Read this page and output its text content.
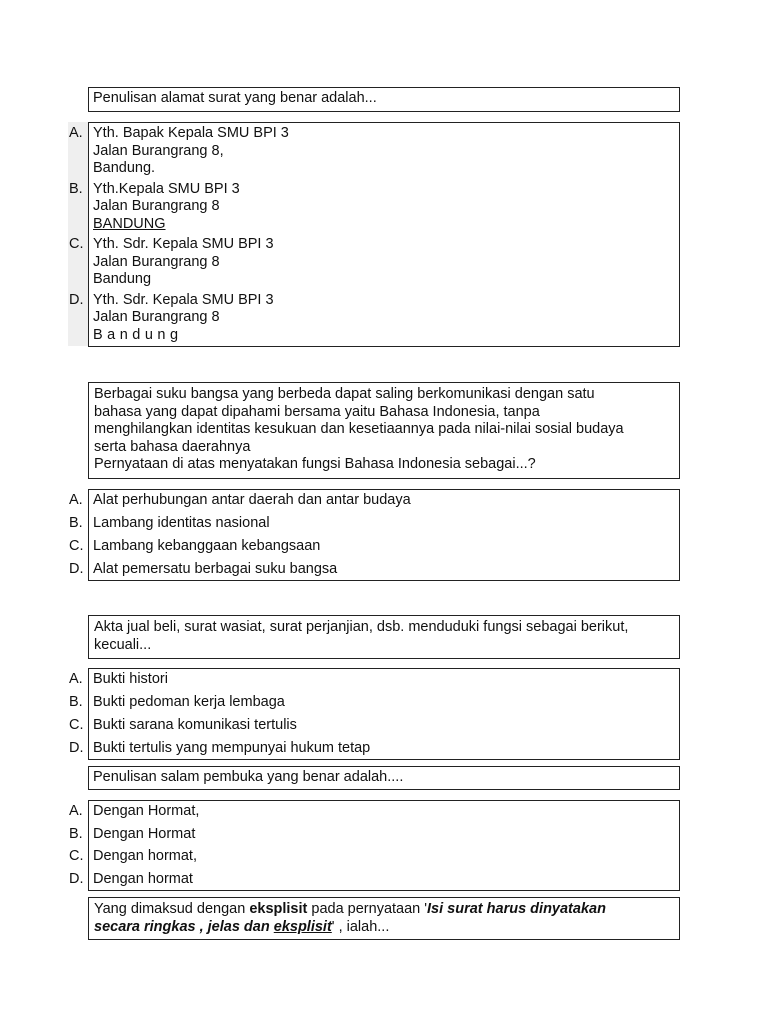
Penulisan alamat surat yang benar adalah...
A. Yth. Bapak Kepala SMU BPI 3
Jalan Burangrang 8,
Bandung.
B. Yth.Kepala SMU BPI 3
Jalan Burangrang 8
BANDUNG
C. Yth. Sdr. Kepala SMU BPI 3
Jalan Burangrang 8
Bandung
D. Yth. Sdr. Kepala SMU BPI 3
Jalan Burangrang 8
Bandung
Berbagai suku bangsa yang berbeda dapat saling berkomunikasi dengan satu
bahasa yang dapat dipahami bersama yaitu Bahasa Indonesia, tanpa
menghilangkan identitas kesukuan dan kesetiaannya pada nilai-nilai sosial budaya
serta bahasa daerahnya
Pernyataan di atas menyatakan fungsi Bahasa Indonesia sebagai...?
A. Alat perhubungan antar daerah dan antar budaya
B. Lambang identitas nasional
C. Lambang kebanggaan kebangsaan
D. Alat pemersatu berbagai suku bangsa
Akta jual beli, surat wasiat, surat perjanjian, dsb. menduduki fungsi sebagai berikut,
kecuali...
A. Bukti histori
B. Bukti pedoman kerja lembaga
C. Bukti sarana komunikasi tertulis
D. Bukti tertulis yang mempunyai hukum tetap
Penulisan salam pembuka yang benar adalah....
A. Dengan Hormat,
B. Dengan Hormat
C. Dengan hormat,
D. Dengan hormat
Yang dimaksud dengan eksplisit pada pernyataan 'Isi surat harus dinyatakan
secara ringkas , jelas dan eksplisit' , ialah...
